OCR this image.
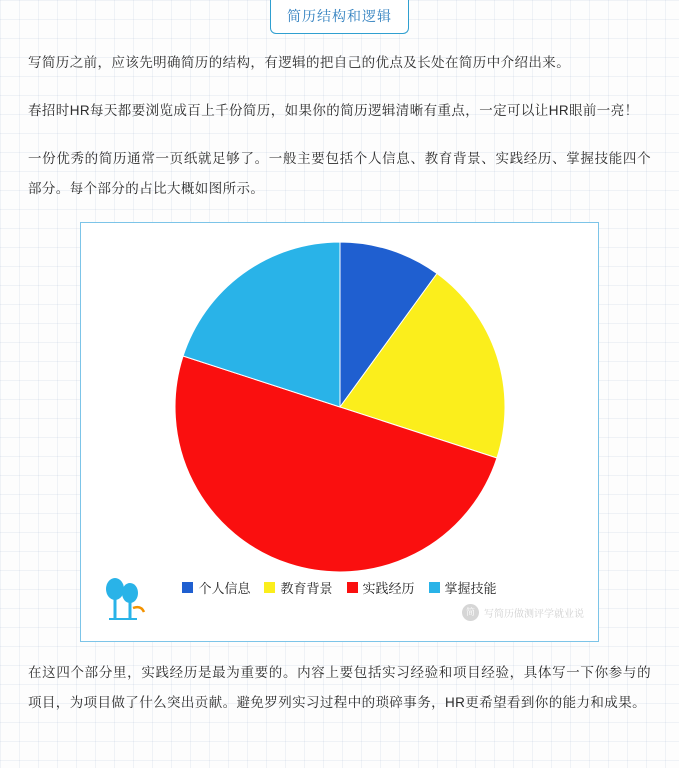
简历结构和逻辑

写简历之前，应该先明确简历的结构，有逻辑的把自己的优点及长处在简历中介绍出来。

春招时HR每天都要浏览成百上千份简历，如果你的简历逻辑清晰有重点，一定可以让HR眼前一亮！

一份优秀的简历通常一页纸就足够了。一般主要包括个人信息、教育背景、实践经历、掌握技能四个部分。每个部分的占比大概如图所示。

个人信息 教育背景 实践经历 掌握技能
简 写简历做测评学就业说

在这四个部分里，实践经历是最为重要的。内容上要包括实习经验和项目经验，具体写一下你参与的项目，为项目做了什么突出贡献。避免罗列实习过程中的琐碎事务，HR更希望看到你的能力和成果。
